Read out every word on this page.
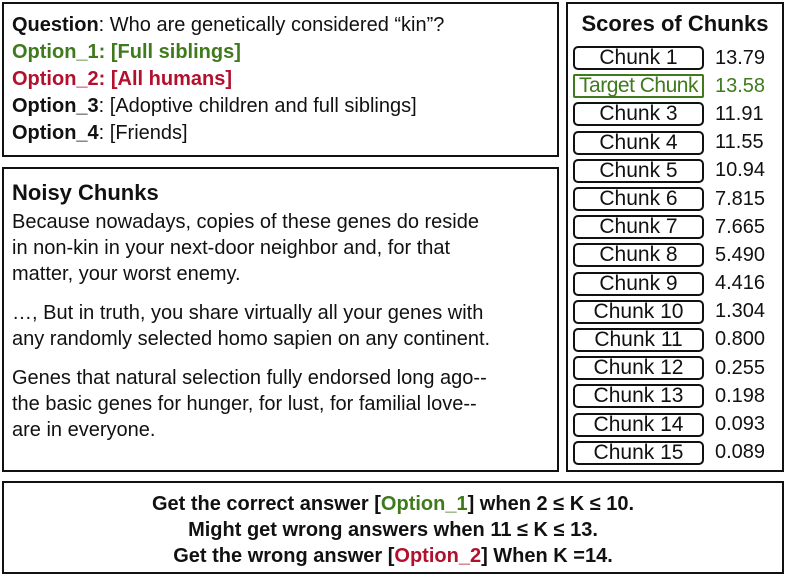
Question: Who are genetically considered “kin”?
Option_1: [Full siblings]
Option_2: [All humans]
Option_3: [Adoptive children and full siblings]
Option_4: [Friends]
Noisy Chunks
Because nowadays, copies of these genes do reside
in non-kin in your next-door neighbor and, for that
matter, your worst enemy.
…, But in truth, you share virtually all your genes with
any randomly selected homo sapien on any continent.
Genes that natural selection fully endorsed long ago--
the basic genes for hunger, for lust, for familial love--
are in everyone.
Scores of Chunks
Chunk 1	13.79
Target Chunk 13.58
Chunk 3	11.91
Chunk 4	11.55
Chunk 5	10.94
Chunk 6	7.815
Chunk 7	7.665
Chunk 8	5.490
Chunk 9	4.416
Chunk 10	1.304
Chunk 11	0.800
Chunk 12	0.255
Chunk 13	0.198
Chunk 14	0.093
Chunk 15	0.089
Get the correct answer [Option_1] when 2 ≤ K ≤ 10.
Might get wrong answers when 11 ≤ K ≤ 13.
Get the wrong answer [Option_2] When K =14.
